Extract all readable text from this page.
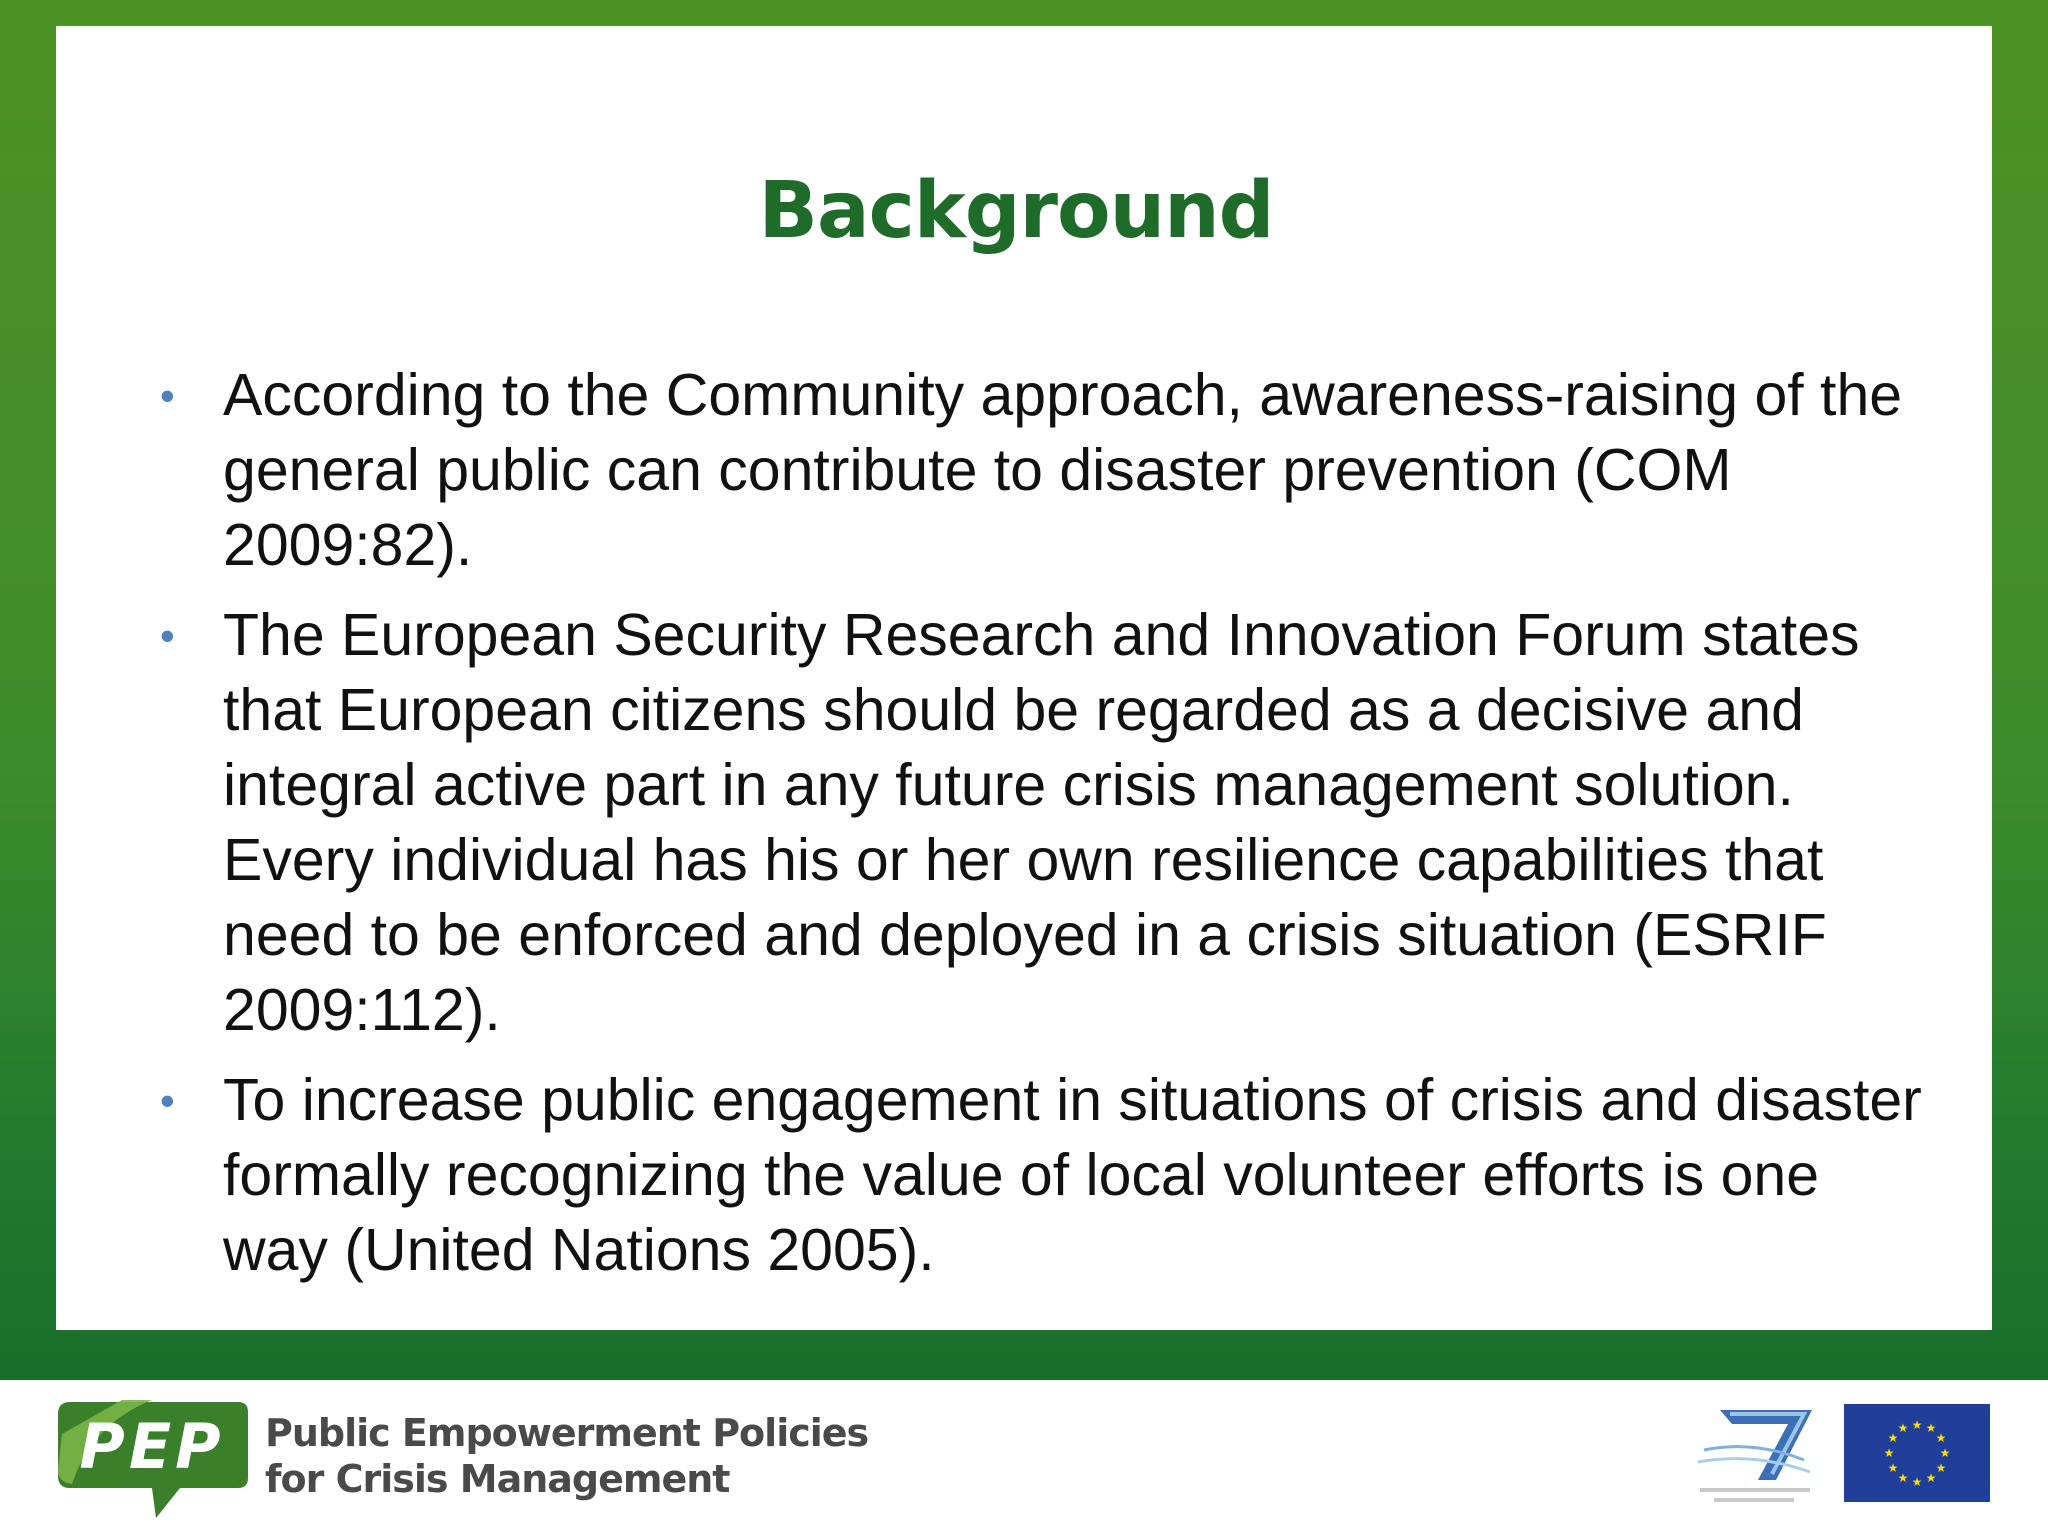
Background
• According to the Community approach, awareness-raising of the general public can contribute to disaster prevention (COM 2009:82).
• The European Security Research and Innovation Forum states that European citizens should be regarded as a decisive and integral active part in any future crisis management solution. Every individual has his or her own resilience capabilities that need to be enforced and deployed in a crisis situation (ESRIF 2009:112).
• To increase public engagement in situations of crisis and disaster formally recognizing the value of local volunteer efforts is one way (United Nations 2005).
PEP Public Empowerment Policies
for Crisis Management
★ ★
★
★
★
★
★
★
★
★
★
★
